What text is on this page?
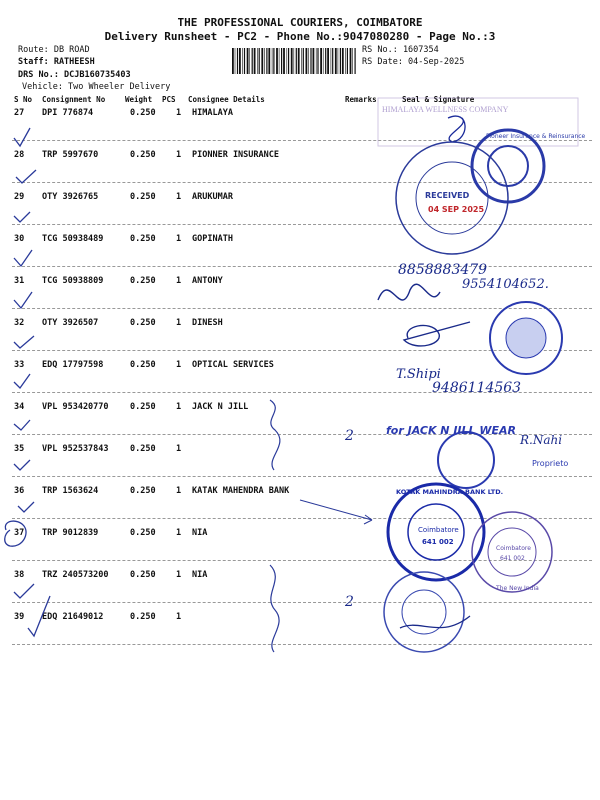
THE PROFESSIONAL COURIERS, COIMBATORE
Delivery Runsheet - PC2 - Phone No.:9047080280 - Page No.:3
Route: DB ROAD
Staff: RATHEESH
DRS No.: DCJB160735403
Vehicle: Two Wheeler Delivery
RS No.: 1607354
RS Date: 04-Sep-2025
S No Consignment No	Weight PCS Consignee Details	Remarks	Seal & Signature
27 DPI 776874	0.250 1 HIMALAYA
28 TRP 5997670	0.250 1 PIONNER INSURANCE
29 OTY 3926765	0.250 1 ARUKUMAR
30 TCG 50938489	0.250 1 GOPINATH
31 TCG 50938809	0.250 1 ANTONY
32 OTY 3926507	0.250 1 DINESH
33 EDQ 17797598	0.250 1 OPTICAL SERVICES
34 VPL 953420770	0.250 1 JACK N JILL
35 VPL 952537843	0.250 1
36 TRP 1563624	0.250 1 KATAK MAHENDRA BANK
37 TRP 9012839	0.250 1 NIA
38 TRZ 240573200	0.250 1 NIA
39 EDQ 21649012	0.250 1
HIMALAYA WELLNESS COMPANY
Pioneer Insurance & Reinsurance
RECEIVED
04 SEP 2025
8858883479
9554104652.
T.Shipi
9486114563
2	for JACK N JILL WEAR
R.Nahi
Proprieto
KOTAK MAHINDRA BANK LTD.
Coimbatore
641 002
Coimbatore
641 002
The New India
2
